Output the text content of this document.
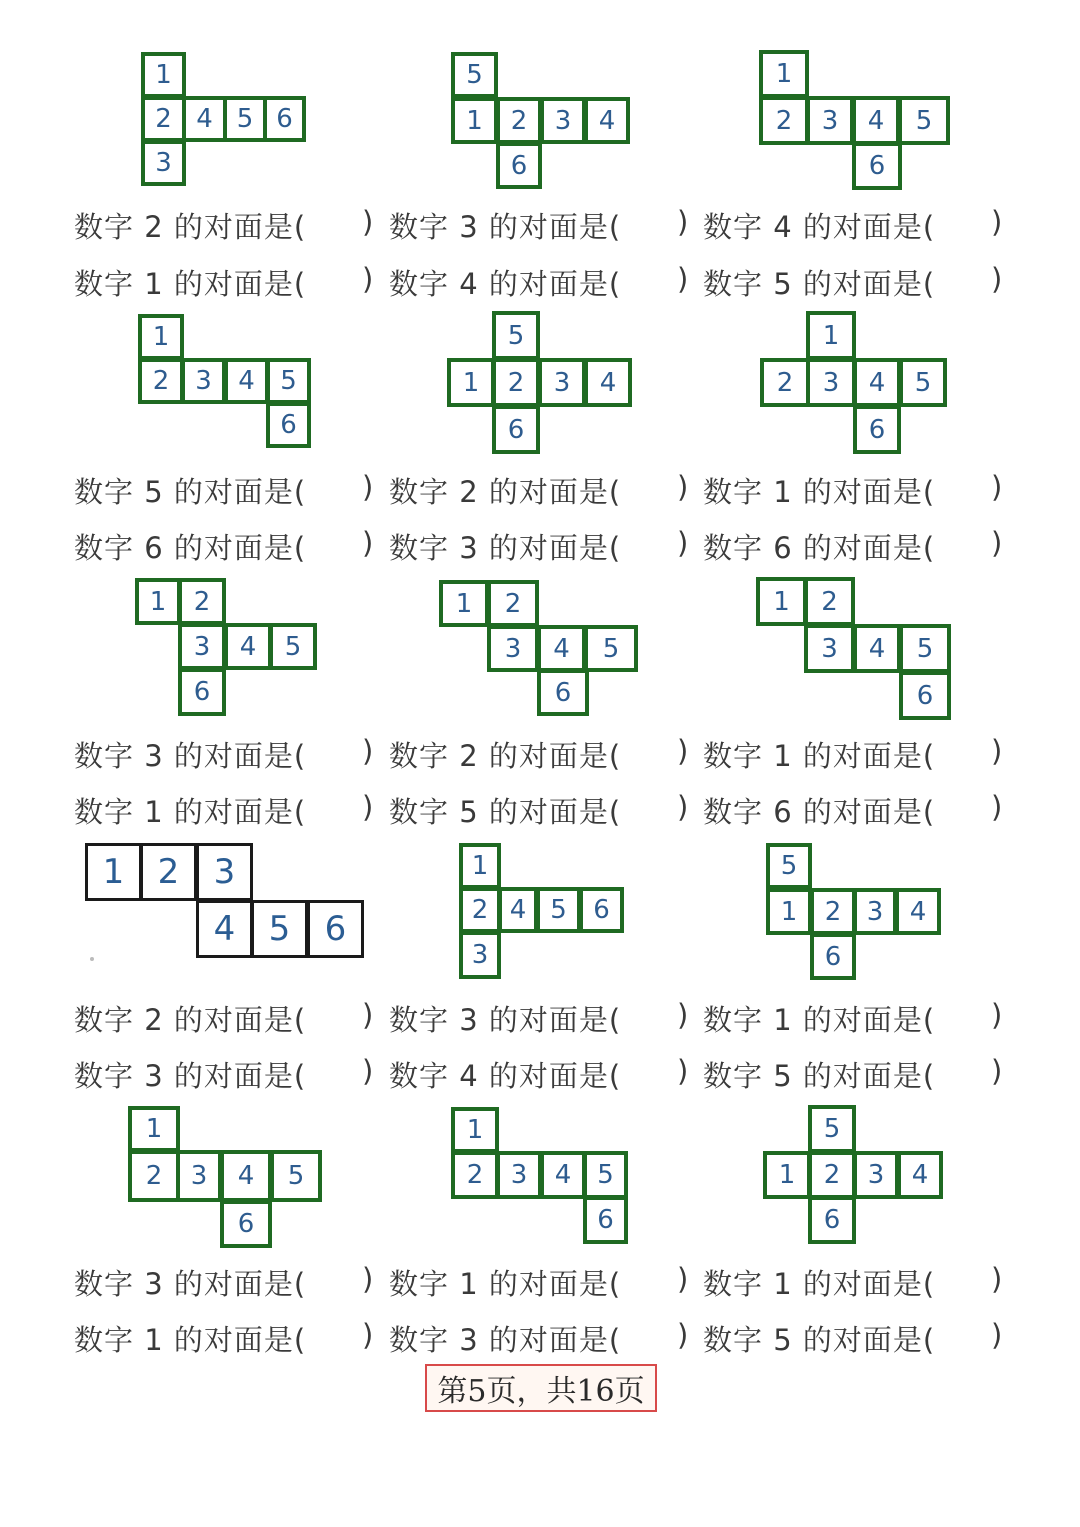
1
2 4 5 6
3
5
1	2	3	4
6
1
2	3	4	5
6
1
2 3	4 5
6
5
1	2	3	4
6
1
2	3	4	5
6
1	2
3	4	5
6
1	2
3	4	5
6
1	2
3	4	5
6
1
2 4 5	6
3
5
1	2 3	4
6
1
2	3	4	5
6
1
2	3	4 5
6
5
1	2	3	4
6
1 2	3
4 5	6
数字 2 的对面是( )
数字 1 的对面是( )
数字 3 的对面是( )
数字 4 的对面是( )
数字 4 的对面是( )
数字 5 的对面是( )
数字 5 的对面是( )
数字 6 的对面是( )
数字 2 的对面是( )
数字 3 的对面是( )
数字 1 的对面是( )
数字 6 的对面是( )
数字 3 的对面是( )
数字 1 的对面是( )
数字 2 的对面是( )
数字 5 的对面是( )
数字 1 的对面是( )
数字 6 的对面是( )
数字 2 的对面是( )
数字 3 的对面是( )
数字 3 的对面是( )
数字 4 的对面是( )
数字 1 的对面是( )
数字 5 的对面是( )
数字 3 的对面是( )
数字 1 的对面是( )
数字 1 的对面是( )
数字 3 的对面是( )
数字 1 的对面是( )
数字 5 的对面是( )
第5页，共16页
